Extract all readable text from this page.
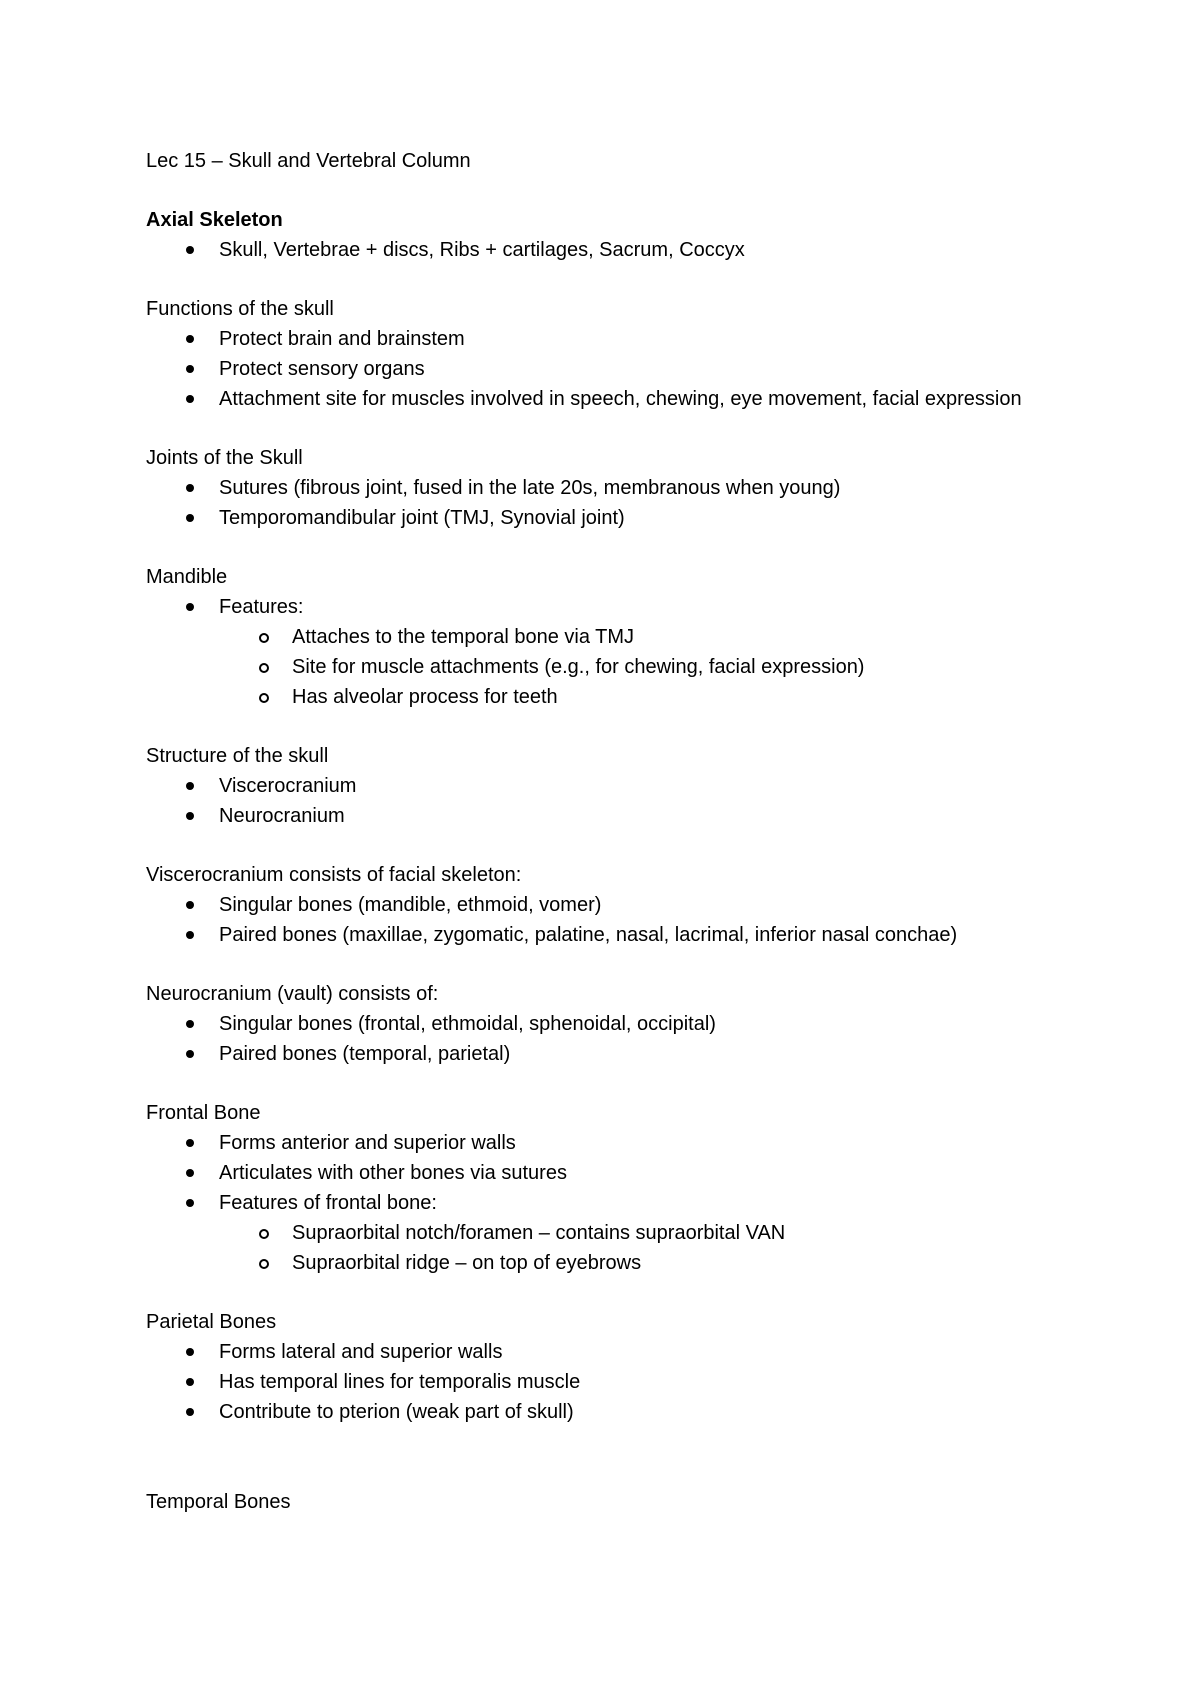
Lec 15 – Skull and Vertebral Column
Axial Skeleton
Skull, Vertebrae + discs, Ribs + cartilages, Sacrum, Coccyx
Functions of the skull
Protect brain and brainstem
Protect sensory organs
Attachment site for muscles involved in speech, chewing, eye movement, facial expression
Joints of the Skull
Sutures (fibrous joint, fused in the late 20s, membranous when young)
Temporomandibular joint (TMJ, Synovial joint)
Mandible
Features:
Attaches to the temporal bone via TMJ
Site for muscle attachments (e.g., for chewing, facial expression)
Has alveolar process for teeth
Structure of the skull
Viscerocranium
Neurocranium
Viscerocranium consists of facial skeleton:
Singular bones (mandible, ethmoid, vomer)
Paired bones (maxillae, zygomatic, palatine, nasal, lacrimal, inferior nasal conchae)
Neurocranium (vault) consists of:
Singular bones (frontal, ethmoidal, sphenoidal, occipital)
Paired bones (temporal, parietal)
Frontal Bone
Forms anterior and superior walls
Articulates with other bones via sutures
Features of frontal bone:
Supraorbital notch/foramen – contains supraorbital VAN
Supraorbital ridge – on top of eyebrows
Parietal Bones
Forms lateral and superior walls
Has temporal lines for temporalis muscle
Contribute to pterion (weak part of skull)
Temporal Bones
